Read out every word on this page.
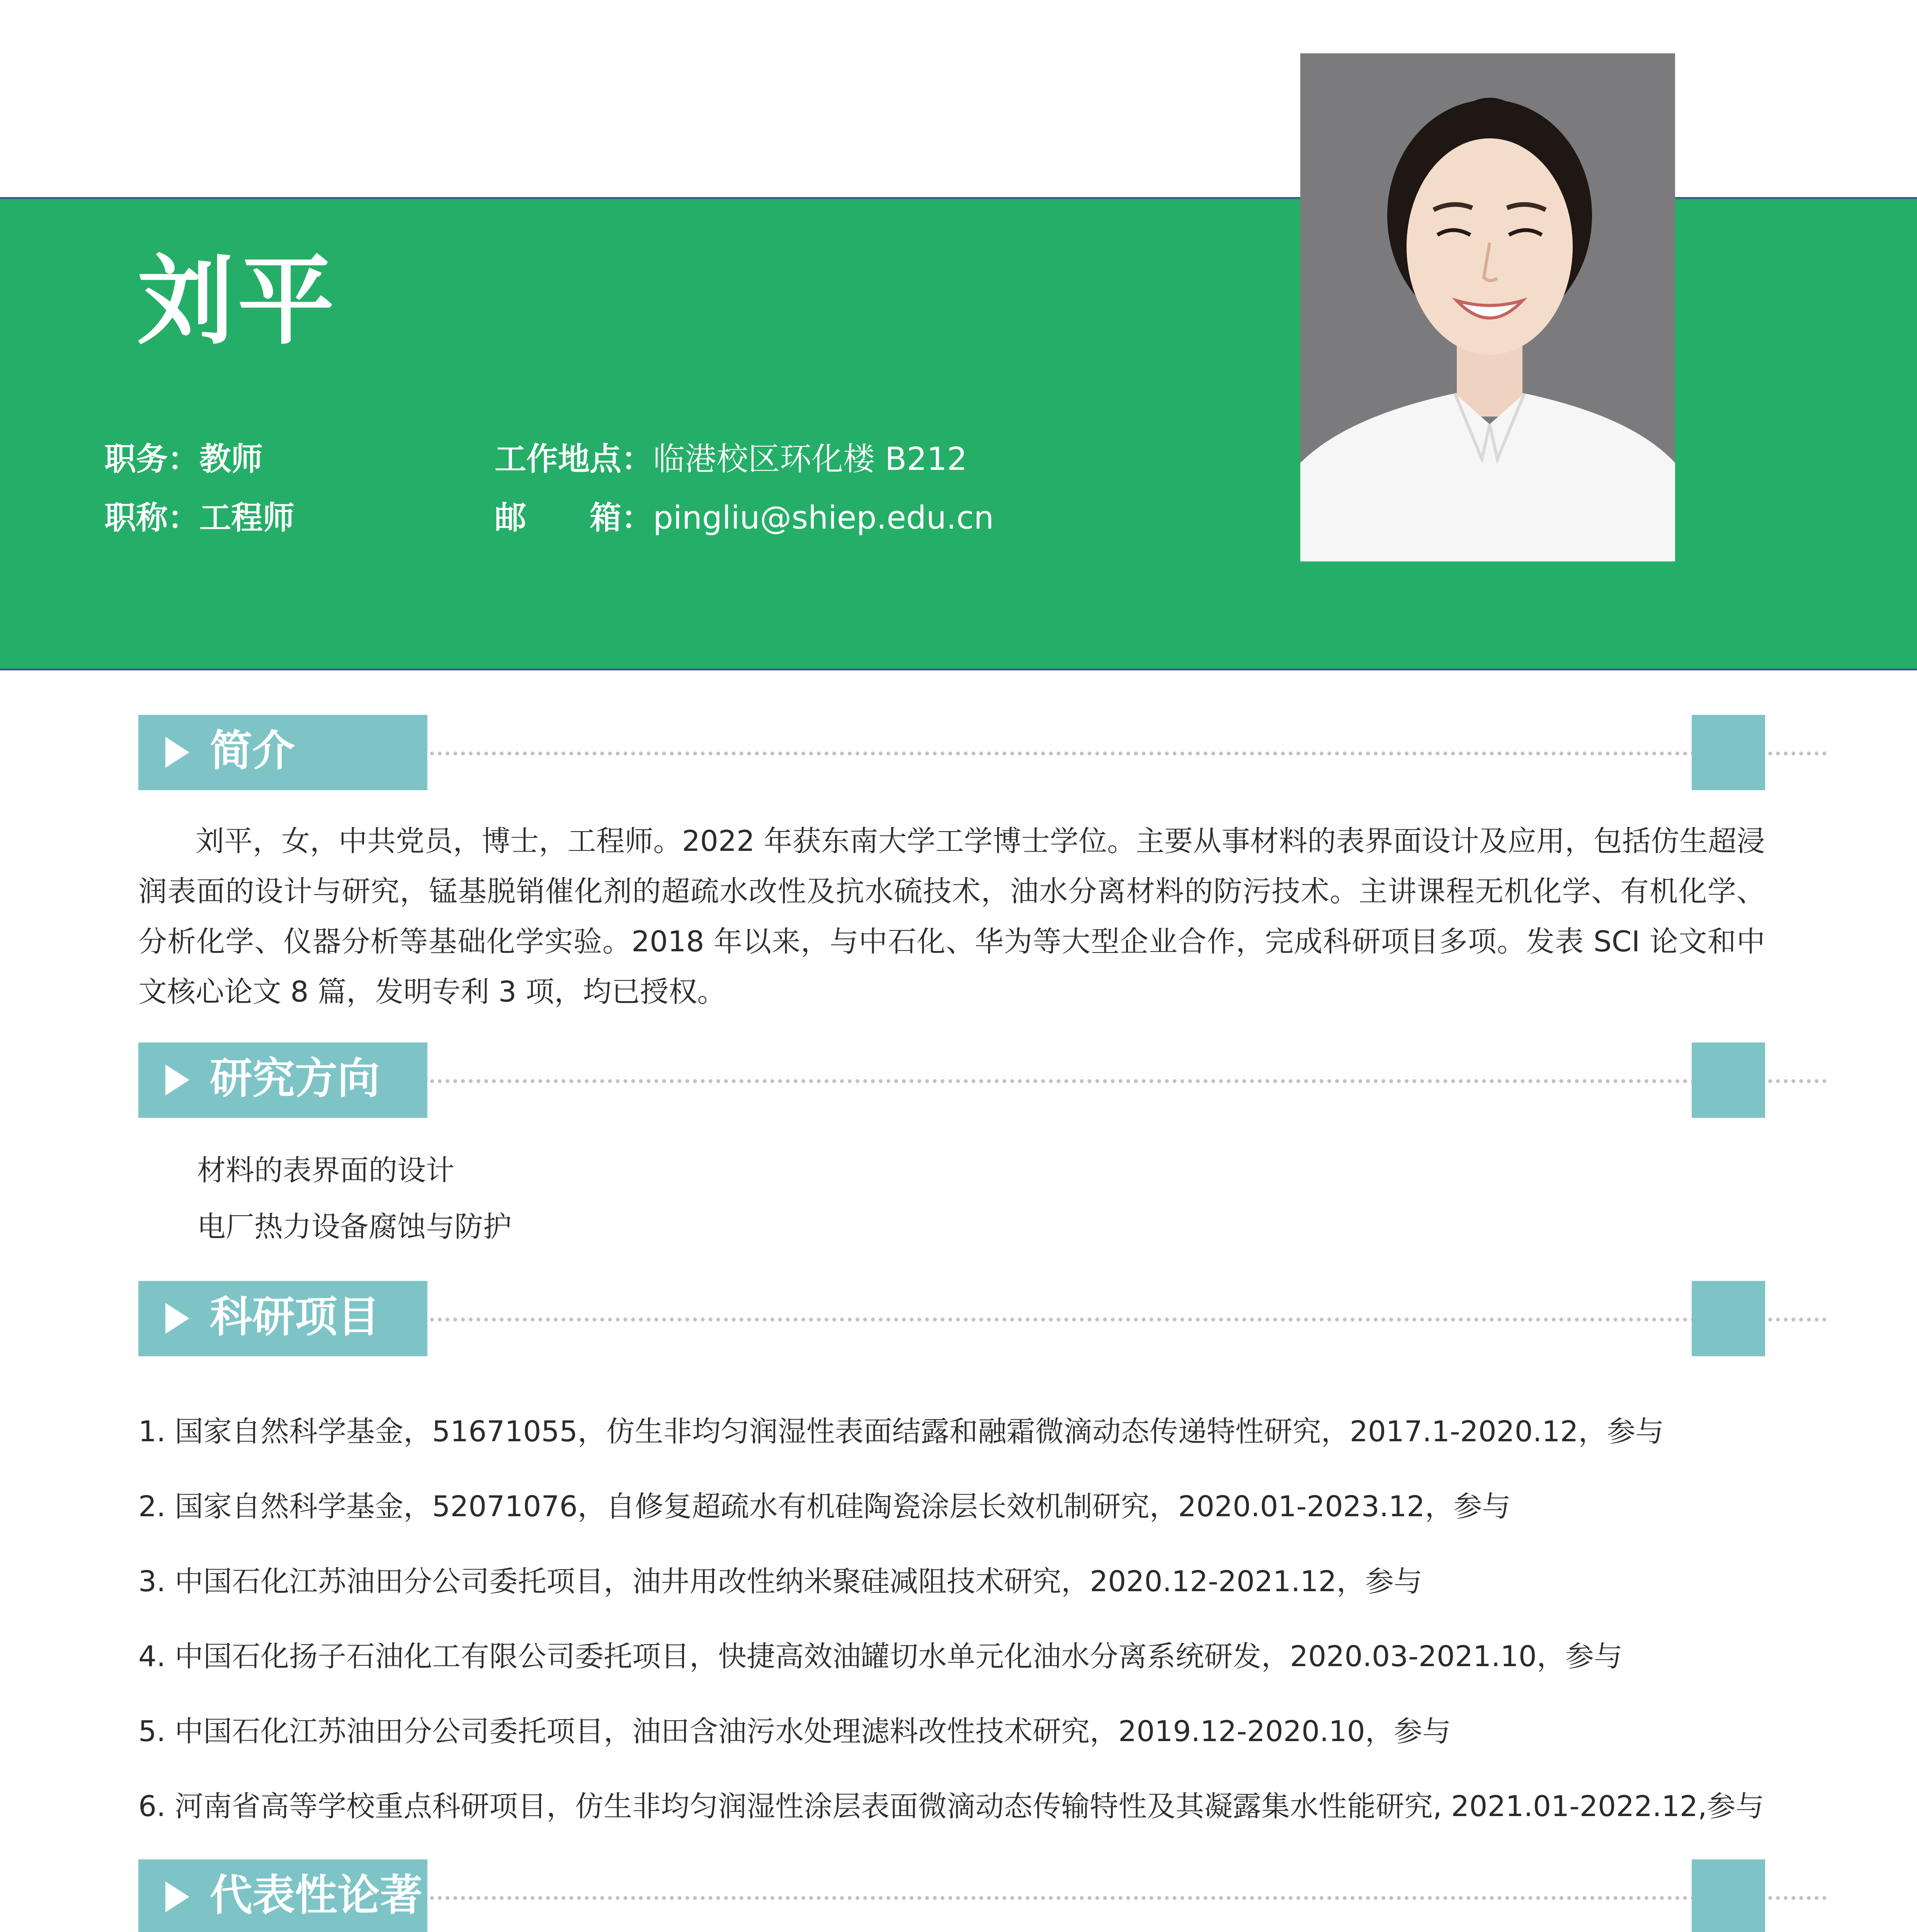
刘平
职务：教师
职称：工程师
工作地点：临港校区环化楼 B212
邮　　箱：pingliu@shiep.edu.cn
简介
刘平，女，中共党员，博士，工程师。2022 年获东南大学工学博士学位。主要从事材料的表界面设计及应用，包括仿生超浸润表面的设计与研究，锰基脱销催化剂的超疏水改性及抗水硫技术，油水分离材料的防污技术。主讲课程无机化学、有机化学、分析化学、仪器分析等基础化学实验。2018 年以来，与中石化、华为等大型企业合作，完成科研项目多项。发表 SCI 论文和中文核心论文 8 篇，发明专利 3 项，均已授权。
研究方向
材料的表界面的设计
电厂热力设备腐蚀与防护
科研项目
1. 国家自然科学基金，51671055，仿生非均匀润湿性表面结露和融霜微滴动态传递特性研究，2017.1-2020.12，参与
2. 国家自然科学基金，52071076，自修复超疏水有机硅陶瓷涂层长效机制研究，2020.01-2023.12，参与
3. 中国石化江苏油田分公司委托项目，油井用改性纳米聚硅减阻技术研究，2020.12-2021.12，参与
4. 中国石化扬子石油化工有限公司委托项目，快捷高效油罐切水单元化油水分离系统研发，2020.03-2021.10，参与
5. 中国石化江苏油田分公司委托项目，油田含油污水处理滤料改性技术研究，2019.12-2020.10，参与
6. 河南省高等学校重点科研项目，仿生非均匀润湿性涂层表面微滴动态传输特性及其凝露集水性能研究, 2021.01-2022.12,参与
代表性论著
